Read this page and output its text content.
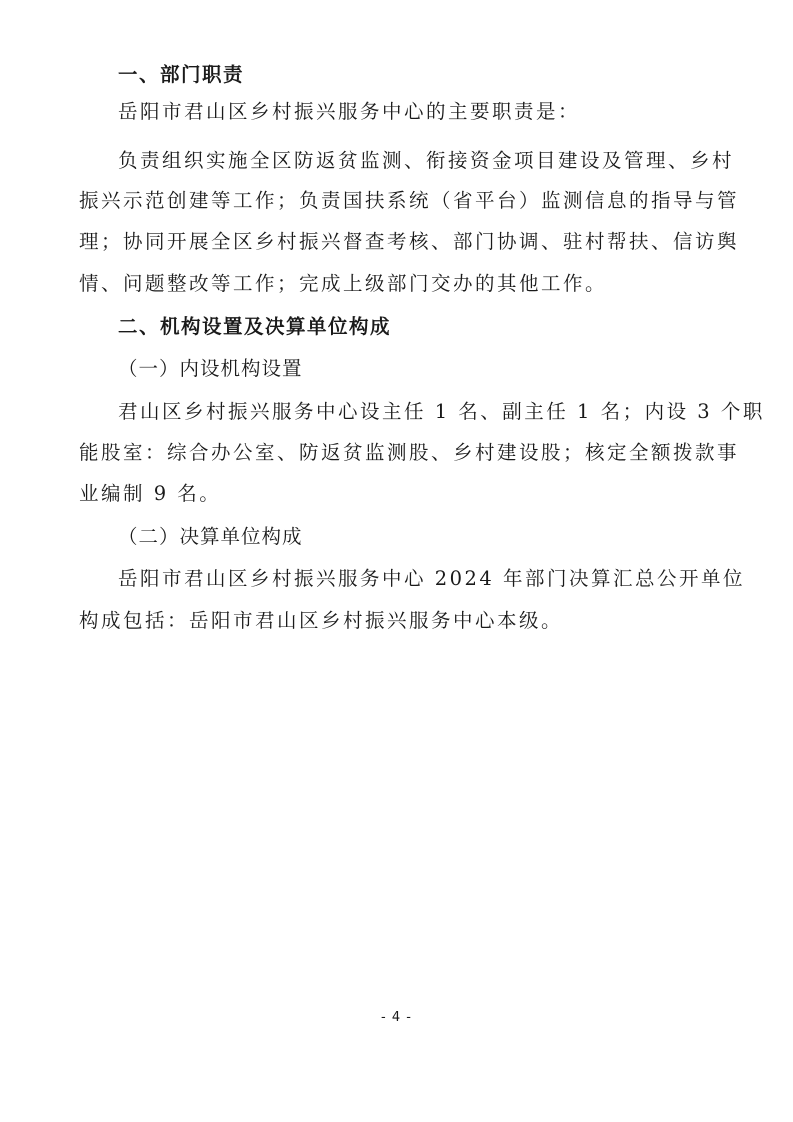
一、部门职责
岳阳市君山区乡村振兴服务中心的主要职责是：
负责组织实施全区防返贫监测、衔接资金项目建设及管理、乡村
振兴示范创建等工作；负责国扶系统（省平台）监测信息的指导与管
理；协同开展全区乡村振兴督查考核、部门协调、驻村帮扶、信访舆
情、问题整改等工作；完成上级部门交办的其他工作。
二、机构设置及决算单位构成
（一）内设机构设置
君山区乡村振兴服务中心设主任 1 名、副主任 1 名；内设 3 个职
能股室：综合办公室、防返贫监测股、乡村建设股；核定全额拨款事
业编制 9 名。
（二）决算单位构成
岳阳市君山区乡村振兴服务中心 2024 年部门决算汇总公开单位
构成包括：岳阳市君山区乡村振兴服务中心本级。
- 4 -
